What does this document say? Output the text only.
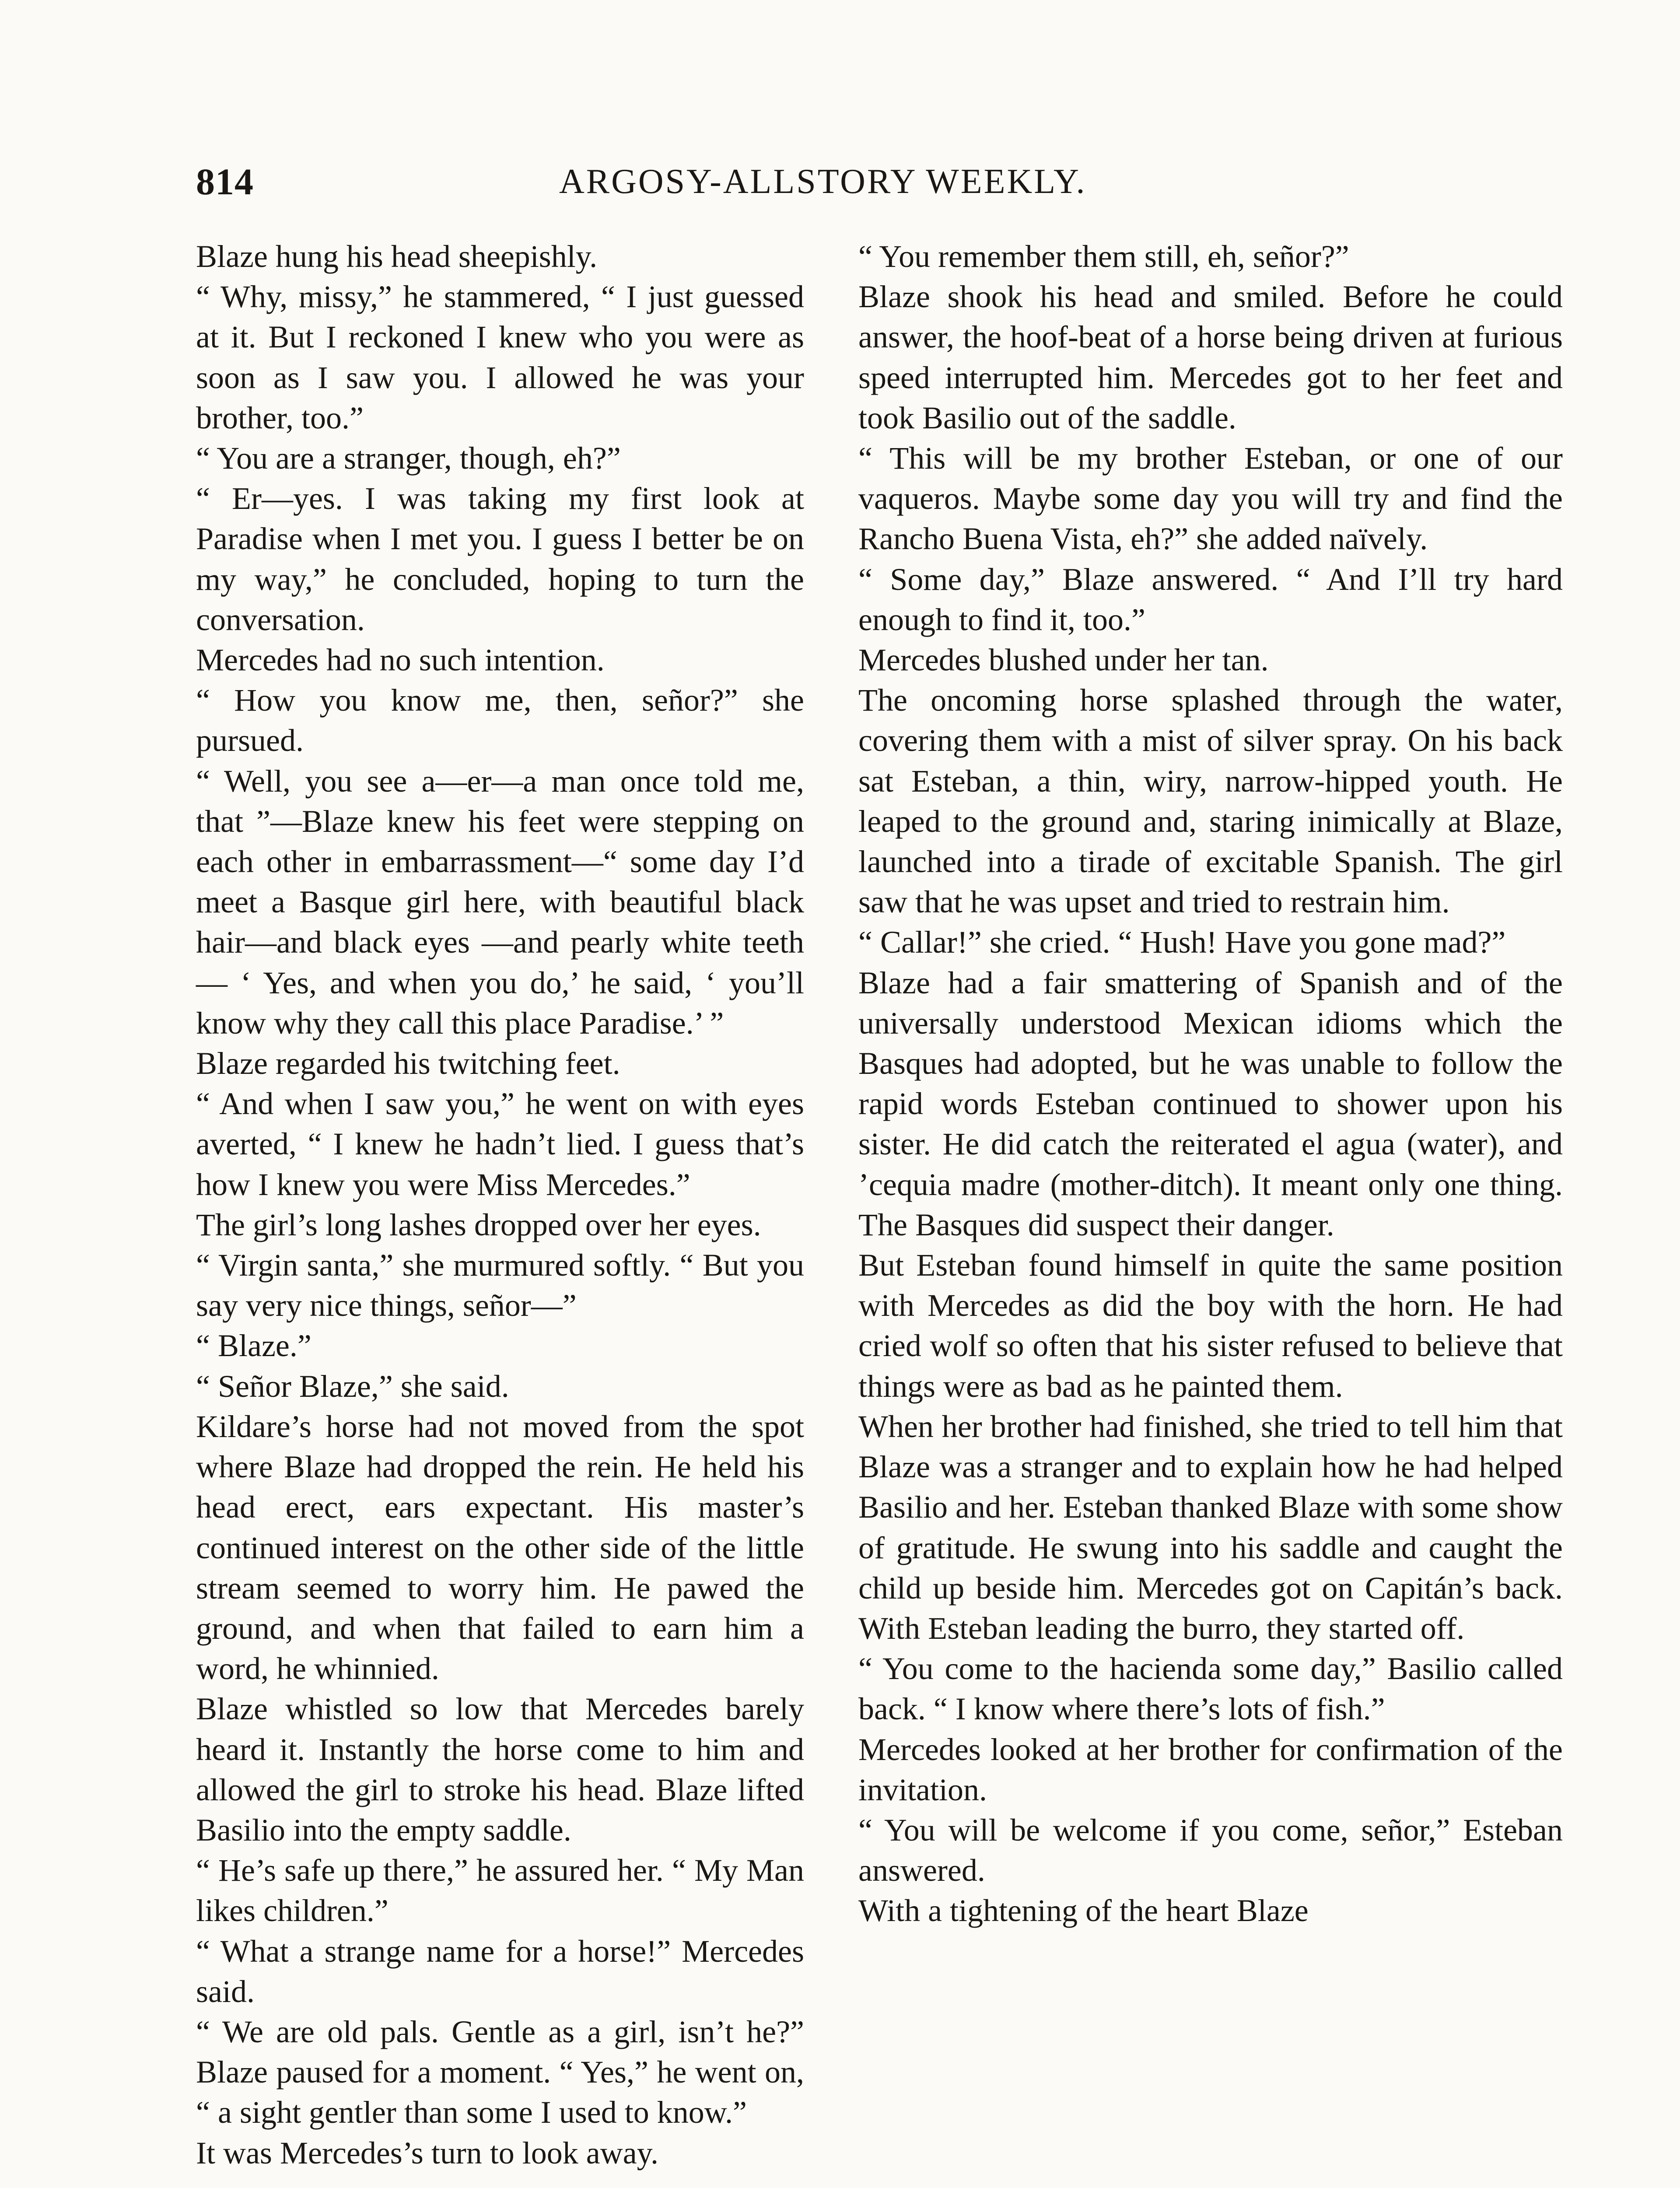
814	ARGOSY-ALLSTORY WEEKLY.

Blaze hung his head sheepishly.

“ Why, missy,” he stammered, “ I just guessed at it. But I reckoned I knew who you were as soon as I saw you. I allowed he was your brother, too.”

“ You are a stranger, though, eh?”

“ Er—yes. I was taking my first look at Paradise when I met you. I guess I better be on my way,” he concluded, hoping to turn the conversation.

Mercedes had no such intention.

“ How you know me, then, señor?” she pursued.

“ Well, you see a—er—a man once told me, that ”—Blaze knew his feet were stepping on each other in embarrassment—“ some day I’d meet a Basque girl here, with beautiful black hair—and black eyes —and pearly white teeth— ‘ Yes, and when you do,’ he said, ‘ you’ll know why they call this place Paradise.’ ”

Blaze regarded his twitching feet.

“ And when I saw you,” he went on with eyes averted, “ I knew he hadn’t lied. I guess that’s how I knew you were Miss Mercedes.”

The girl’s long lashes dropped over her eyes.

“ Virgin santa,” she murmured softly. “ But you say very nice things, señor—”

“ Blaze.”

“ Señor Blaze,” she said.

Kildare’s horse had not moved from the spot where Blaze had dropped the rein. He held his head erect, ears expectant. His master’s continued interest on the other side of the little stream seemed to worry him. He pawed the ground, and when that failed to earn him a word, he whinnied.

Blaze whistled so low that Mercedes barely heard it. Instantly the horse come to him and allowed the girl to stroke his head. Blaze lifted Basilio into the empty saddle.

“ He’s safe up there,” he assured her. “ My Man likes children.”

“ What a strange name for a horse!” Mercedes said.

“ We are old pals. Gentle as a girl, isn’t he?” Blaze paused for a moment. “ Yes,” he went on, “ a sight gentler than some I used to know.”

It was Mercedes’s turn to look away.

“ You remember them still, eh, señor?”

Blaze shook his head and smiled. Before he could answer, the hoof-beat of a horse being driven at furious speed interrupted him. Mercedes got to her feet and took Basilio out of the saddle.

“ This will be my brother Esteban, or one of our vaqueros. Maybe some day you will try and find the Rancho Buena Vista, eh?” she added naïvely.

“ Some day,” Blaze answered. “ And I’ll try hard enough to find it, too.”

Mercedes blushed under her tan.

The oncoming horse splashed through the water, covering them with a mist of silver spray. On his back sat Esteban, a thin, wiry, narrow-hipped youth. He leaped to the ground and, staring inimically at Blaze, launched into a tirade of excitable Spanish. The girl saw that he was upset and tried to restrain him.

“ Callar!” she cried. “ Hush! Have you gone mad?”

Blaze had a fair smattering of Spanish and of the universally understood Mexican idioms which the Basques had adopted, but he was unable to follow the rapid words Esteban continued to shower upon his sister. He did catch the reiterated el agua (water), and ’cequia madre (mother-ditch). It meant only one thing. The Basques did suspect their danger.

But Esteban found himself in quite the same position with Mercedes as did the boy with the horn. He had cried wolf so often that his sister refused to believe that things were as bad as he painted them.

When her brother had finished, she tried to tell him that Blaze was a stranger and to explain how he had helped Basilio and her. Esteban thanked Blaze with some show of gratitude. He swung into his saddle and caught the child up beside him. Mercedes got on Capitán’s back. With Esteban leading the burro, they started off.

“ You come to the hacienda some day,” Basilio called back. “ I know where there’s lots of fish.”

Mercedes looked at her brother for confirmation of the invitation.

“ You will be welcome if you come, señor,” Esteban answered.

With a tightening of the heart Blaze
